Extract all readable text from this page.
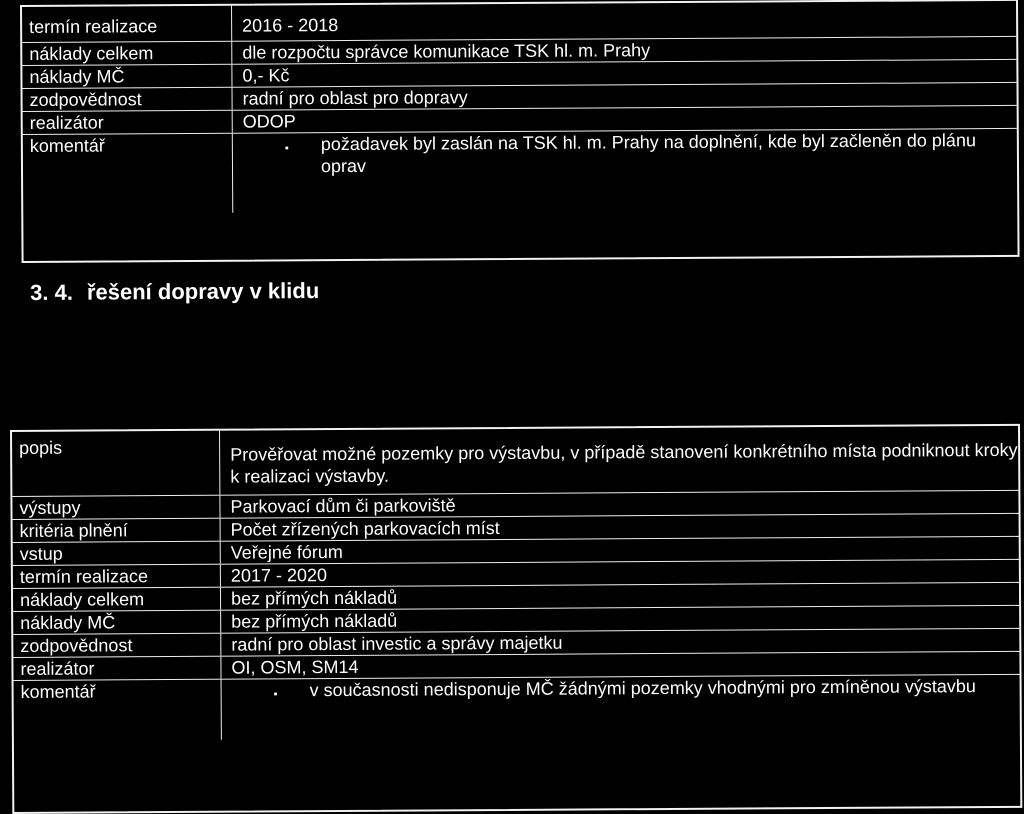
termín realizace	2016 - 2018
náklady celkem	dle rozpočtu správce komunikace TSK hl. m. Prahy
náklady MČ	0,- Kč
zodpovědnost	radní pro oblast pro dopravy
realizátor	ODOP
komentář	▪	požadavek byl zaslán na TSK hl. m. Prahy na doplnění, kde byl začleněn do plánu oprav
3. 4. řešení dopravy v klidu
popis	Prověřovat možné pozemky pro výstavbu, v případě stanovení konkrétního místa podniknout kroky k realizaci výstavby.
výstupy	Parkovací dům či parkoviště
kritéria plnění	Počet zřízených parkovacích míst
vstup	Veřejné fórum
termín realizace	2017 - 2020
náklady celkem	bez přímých nákladů
náklady MČ	bez přímých nákladů
zodpovědnost	radní pro oblast investic a správy majetku
realizátor	OI, OSM, SM14
komentář	▪	v současnosti nedisponuje MČ žádnými pozemky vhodnými pro zmíněnou výstavbu
